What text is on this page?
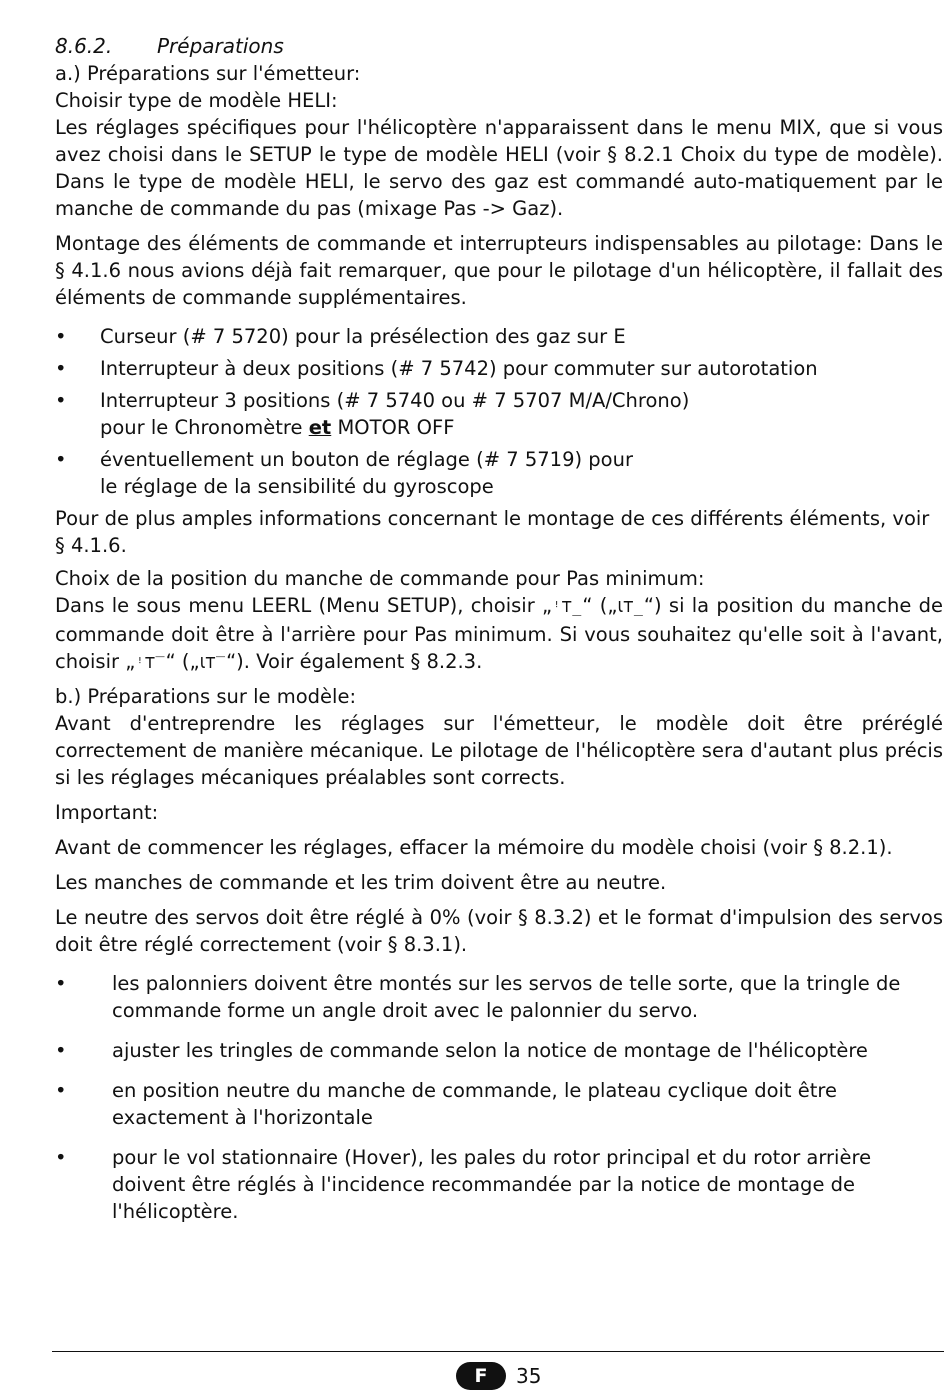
8.6.2. Préparations

a.) Préparations sur l'émetteur:

Choisir type de modèle HELI:

Les réglages spécifiques pour l'hélicoptère n'apparaissent dans le menu MIX, que si vous avez choisi dans le SETUP le type de modèle HELI (voir § 8.2.1 Choix du type de modèle). Dans le type de modèle HELI, le servo des gaz est commandé auto-matiquement par le manche de commande du pas (mixage Pas -> Gaz).

Montage des éléments de commande et interrupteurs indispensables au pilotage: Dans le § 4.1.6 nous avions déjà fait remarquer, que pour le pilotage d'un hélicoptère, il fallait des éléments de commande supplémentaires.

• Curseur (# 7 5720) pour la présélection des gaz sur E
• Interrupteur à deux positions (# 7 5742) pour commuter sur autorotation
• Interrupteur 3 positions (# 7 5740 ou # 7 5707 M/A/Chrono)
pour le Chronomètre et MOTOR OFF
• éventuellement un bouton de réglage (# 7 5719) pour
le réglage de la sensibilité du gyroscope

Pour de plus amples informations concernant le montage de ces différents éléments, voir § 4.1.6.

Choix de la position du manche de commande pour Pas minimum:

Dans le sous menu LEERL (Menu SETUP), choisir „ꜝꓔ_“ („Ꙇꓔ_“) si la position du manche de commande doit être à l'arrière pour Pas minimum. Si vous souhaitez qu'elle soit à l'avant, choisir „ꜝꓔ‾“ („Ꙇꓔ‾“). Voir également § 8.2.3.

b.) Préparations sur le modèle:

Avant d'entreprendre les réglages sur l'émetteur, le modèle doit être préréglé correctement de manière mécanique. Le pilotage de l'hélicoptère sera d'autant plus précis si les réglages mécaniques préalables sont corrects.

Important:

Avant de commencer les réglages, effacer la mémoire du modèle choisi (voir § 8.2.1).

Les manches de commande et les trim doivent être au neutre.

Le neutre des servos doit être réglé à 0% (voir § 8.3.2) et le format d'impulsion des servos doit être réglé correctement (voir § 8.3.1).

• les palonniers doivent être montés sur les servos de telle sorte, que la tringle de commande forme un angle droit avec le palonnier du servo.
• ajuster les tringles de commande selon la notice de montage de l'hélicoptère
• en position neutre du manche de commande, le plateau cyclique doit être exactement à l'horizontale
• pour le vol stationnaire (Hover), les pales du rotor principal et du rotor arrière doivent être réglés à l'incidence recommandée par la notice de montage de l'hélicoptère.
F	35
